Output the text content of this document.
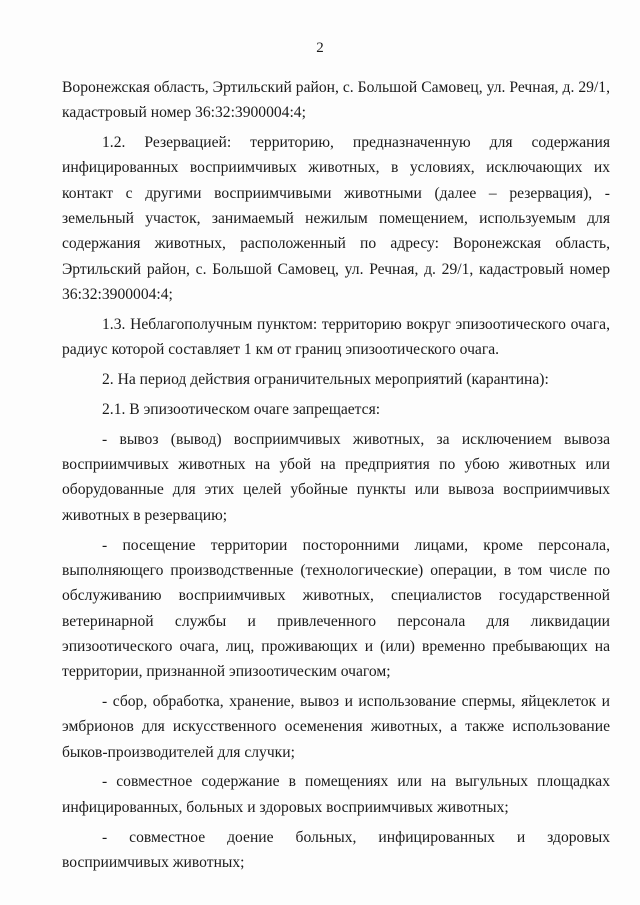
2

Воронежская область, Эртильский район, с. Большой Самовец, ул. Речная, д. 29/1, кадастровый номер 36:32:3900004:4;

1.2. Резервацией: территорию, предназначенную для содержания инфицированных восприимчивых животных, в условиях, исключающих их контакт с другими восприимчивыми животными (далее – резервация), - земельный участок, занимаемый нежилым помещением, используемым для содержания животных, расположенный по адресу: Воронежская область, Эртильский район, с. Большой Самовец, ул. Речная, д. 29/1, кадастровый номер 36:32:3900004:4;

1.3. Неблагополучным пунктом: территорию вокруг эпизоотического очага, радиус которой составляет 1 км от границ эпизоотического очага.

2. На период действия ограничительных мероприятий (карантина):

2.1. В эпизоотическом очаге запрещается:

- вывоз (вывод) восприимчивых животных, за исключением вывоза восприимчивых животных на убой на предприятия по убою животных или оборудованные для этих целей убойные пункты или вывоза восприимчивых животных в резервацию;

- посещение территории посторонними лицами, кроме персонала, выполняющего производственные (технологические) операции, в том числе по обслуживанию восприимчивых животных, специалистов государственной ветеринарной службы и привлеченного персонала для ликвидации эпизоотического очага, лиц, проживающих и (или) временно пребывающих на территории, признанной эпизоотическим очагом;

- сбор, обработка, хранение, вывоз и использование спермы, яйцеклеток и эмбрионов для искусственного осеменения животных, а также использование быков-производителей для случки;

- совместное содержание в помещениях или на выгульных площадках инфицированных, больных и здоровых восприимчивых животных;

- совместное доение больных, инфицированных и здоровых восприимчивых животных;
